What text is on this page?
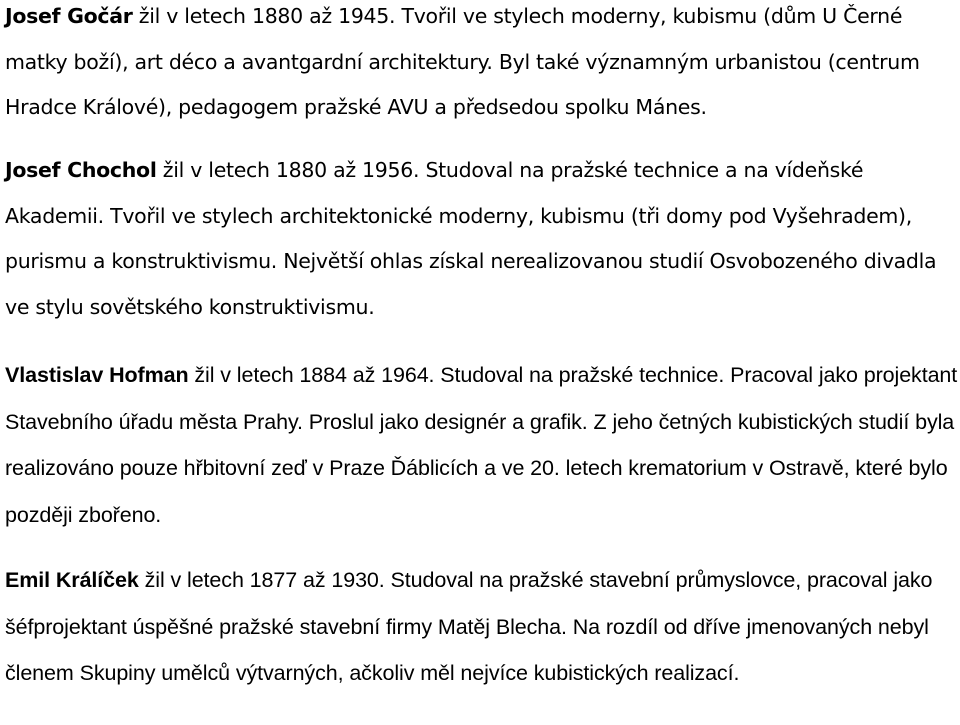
Josef Gočár žil v letech 1880 až 1945. Tvořil ve stylech moderny, kubismu (dům U Černé matky boží), art déco a avantgardní architektury. Byl také významným urbanistou (centrum Hradce Králové), pedagogem pražské AVU a předsedou spolku Mánes.

Josef Chochol žil v letech 1880 až 1956. Studoval na pražské technice a na vídeňské Akademii. Tvořil ve stylech architektonické moderny, kubismu (tři domy pod Vyšehradem), purismu a konstruktivismu. Největší ohlas získal nerealizovanou studií Osvobozeného divadla ve stylu sovětského konstruktivismu.

Vlastislav Hofman žil v letech 1884 až 1964. Studoval na pražské technice. Pracoval jako projektant Stavebního úřadu města Prahy. Proslul jako designér a grafik. Z jeho četných kubistických studií byla realizováno pouze hřbitovní zeď v Praze Ďáblicích a ve 20. letech krematorium v Ostravě, které bylo později zbořeno.

Emil Králíček žil v letech 1877 až 1930. Studoval na pražské stavební průmyslovce, pracoval jako šéfprojektant úspěšné pražské stavební firmy Matěj Blecha. Na rozdíl od dříve jmenovaných nebyl členem Skupiny umělců výtvarných, ačkoliv měl nejvíce kubistických realizací.
